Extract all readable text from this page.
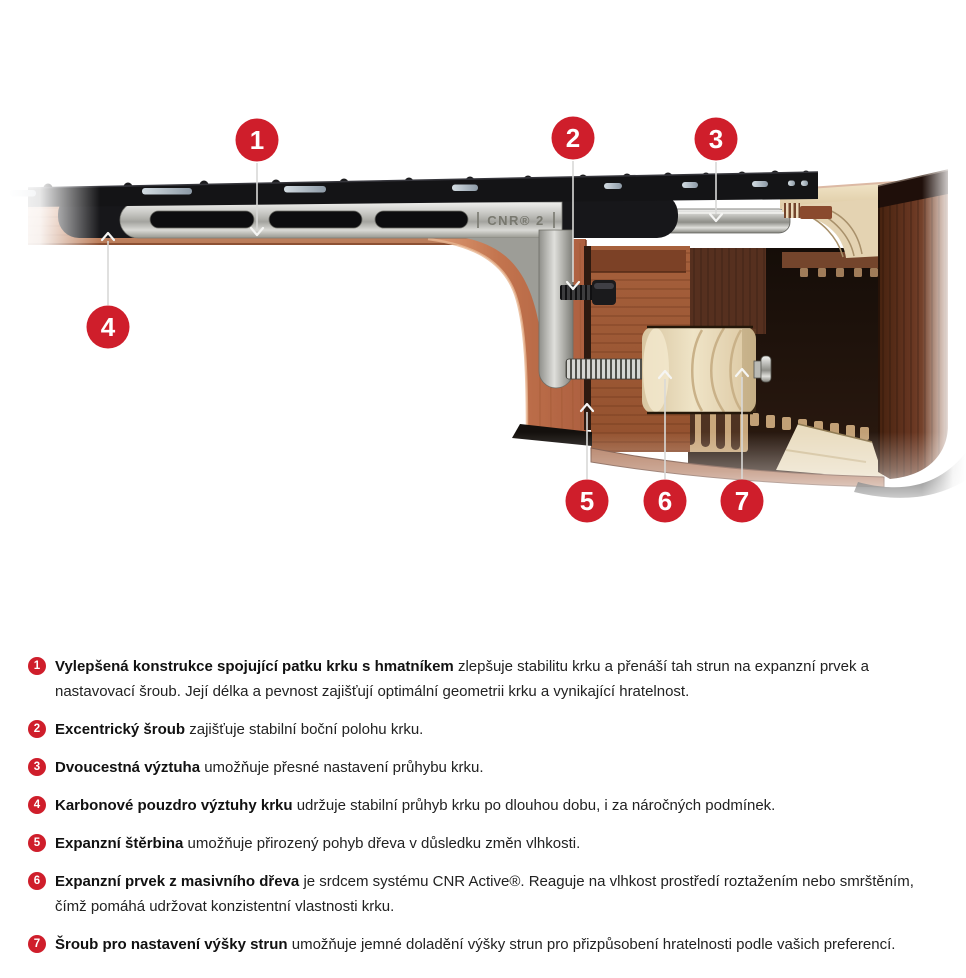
CNR® 2
1	2	3
4
5 6 7
1 Vylepšená konstrukce spojující patku krku s hmatníkem zlepšuje stabilitu krku a přenáší tah strun na expanzní prvek a nastavovací šroub. Její délka a pevnost zajišťují optimální geometrii krku a vynikající hratelnost.

2 Excentrický šroub zajišťuje stabilní boční polohu krku.

3 Dvoucestná výztuha umožňuje přesné nastavení průhybu krku.

4 Karbonové pouzdro výztuhy krku udržuje stabilní průhyb krku po dlouhou dobu, i za náročných podmínek.

5 Expanzní štěrbina umožňuje přirozený pohyb dřeva v důsledku změn vlhkosti.

6 Expanzní prvek z masivního dřeva je srdcem systému CNR Active®. Reaguje na vlhkost prostředí roztažením nebo smrštěním, čímž pomáhá udržovat konzistentní vlastnosti krku.

7 Šroub pro nastavení výšky strun umožňuje jemné doladění výšky strun pro přizpůsobení hratelnosti podle vašich preferencí.
